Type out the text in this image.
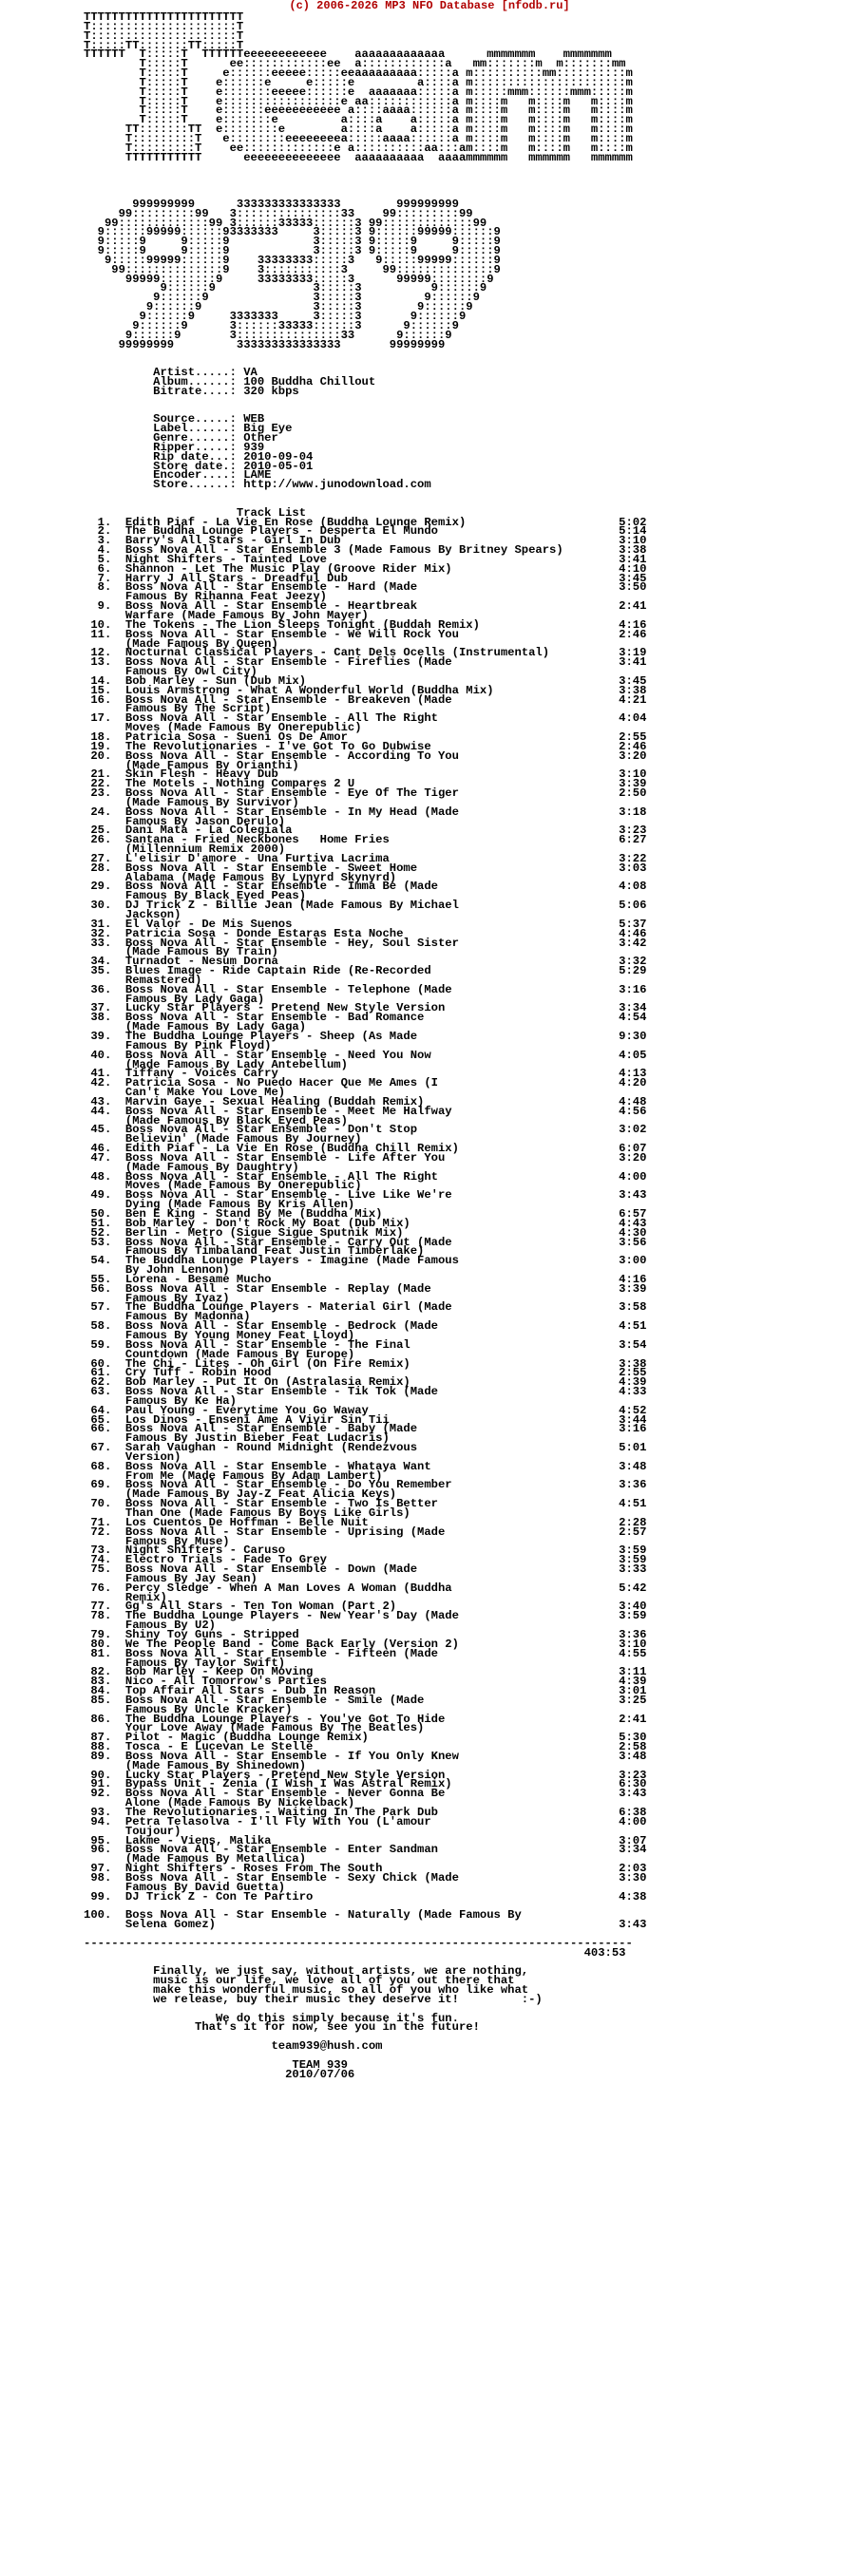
(c) 2006-2026 MP3 NFO Database [nfodb.ru]
TTTTTTTTTTTTTTTTTTTTTTT
T:::::::::::::::::::::T
T:::::::::::::::::::::T
T:::::TT:::::::TT:::::T
TTTTTT  T:::::T  TTTTTTeeeeeeeeeeee    aaaaaaaaaaaaa      mmmmmmm    mmmmmmm
T:::::T      ee::::::::::::ee  a::::::::::::a   mm:::::::m  m:::::::mm
T:::::T     e::::::eeeee:::::eeaaaaaaaaa:::::a m::::::::::mm::::::::::m
T:::::T    e::::::e     e:::::e         a::::a m::::::::::::::::::::::m
T:::::T    e:::::::eeeee::::::e  aaaaaaa:::::a m:::::mmm::::::mmm:::::m
T:::::T    e:::::::::::::::::e aa::::::::::::a m::::m   m::::m   m::::m
T:::::T    e::::::eeeeeeeeeee a::::aaaa::::::a m::::m   m::::m   m::::m
T:::::T    e:::::::e         a::::a    a:::::a m::::m   m::::m   m::::m
TT:::::::TT  e::::::::e        a::::a    a:::::a m::::m   m::::m   m::::m
T:::::::::T   e::::::::eeeeeeeea:::::aaaa::::::a m::::m   m::::m   m::::m
T:::::::::T    ee:::::::::::::e a::::::::::aa:::am::::m   m::::m   m::::m
TTTTTTTTTTT      eeeeeeeeeeeeee  aaaaaaaaaa  aaaammmmmm   mmmmmm   mmmmmm

999999999      333333333333333        999999999
99:::::::::99   3:::::::::::::::33    99:::::::::99
99:::::::::::::99 3::::::33333::::::3 99:::::::::::::99
9::::::99999::::::93333333     3:::::3 9::::::99999::::::9
9:::::9     9:::::9            3:::::3 9:::::9     9:::::9
9:::::9     9:::::9            3:::::3 9:::::9     9:::::9
9:::::99999::::::9    33333333:::::3   9:::::99999::::::9
99::::::::::::::9    3:::::::::::3     99::::::::::::::9
99999::::::::9     33333333:::::3      99999::::::::9
9::::::9              3:::::3          9::::::9
9::::::9               3:::::3         9::::::9
9::::::9                3:::::3        9::::::9
9::::::9     3333333     3:::::3       9::::::9
9::::::9      3::::::33333::::::3      9::::::9
9::::::9       3:::::::::::::::33      9::::::9
99999999         333333333333333       99999999

Artist.....: VA
Album......: 100 Buddha Chillout
Bitrate....: 320 kbps

Source.....: WEB
Label......: Big Eye
Genre......: Other
Ripper.....: 939
Rip date...: 2010-09-04
Store date.: 2010-05-01
Encoder....: LAME
Store......: http://www.junodownload.com

Track List
1.  Edith Piaf - La Vie En Rose (Buddha Lounge Remix)                      5:02
2.  The Buddha Lounge Players - Desperta El Mundo                          5:14
3.  Barry's All Stars - Girl In Dub                                        3:10
4.  Boss Nova All - Star Ensemble 3 (Made Famous By Britney Spears)        3:38
5.  Night Shifters - Tainted Love                                          3:41
6.  Shannon - Let The Music Play (Groove Rider Mix)                        4:10
7.  Harry J All Stars - Dreadful Dub                                       3:45
8.  Boss Nova All - Star Ensemble - Hard (Made                             3:50
Famous By Rihanna Feat Jeezy)
9.  Boss Nova All - Star Ensemble - Heartbreak                             2:41
Warfare (Made Famous By John Mayer)
10.  The Tokens - The Lion Sleeps Tonight (Buddah Remix)                    4:16
11.  Boss Nova All - Star Ensemble - We Will Rock You                       2:46
(Made Famous By Queen)
12.  Nocturnal Classical Players - Cant Dels Ocells (Instrumental)          3:19
13.  Boss Nova All - Star Ensemble - Fireflies (Made                        3:41
Famous By Owl City)
14.  Bob Marley - Sun (Dub Mix)                                             3:45
15.  Louis Armstrong - What A Wonderful World (Buddha Mix)                  3:38
16.  Boss Nova All - Star Ensemble - Breakeven (Made                        4:21
Famous By The Script)
17.  Boss Nova All - Star Ensemble - All The Right                          4:04
Moves (Made Famous By Onerepublic)
18.  Patricia Sosa - Sueni Os De Amor                                       2:55
19.  The Revolutionaries - I've Got To Go Dubwise                           2:46
20.  Boss Nova All - Star Ensemble - According To You                       3:20
(Made Famous By Orianthi)
21.  Skin Flesh - Heavy Dub                                                 3:10
22.  The Motels - Nothing Compares 2 U                                      3:39
23.  Boss Nova All - Star Ensemble - Eye Of The Tiger                       2:50
(Made Famous By Survivor)
24.  Boss Nova All - Star Ensemble - In My Head (Made                       3:18
Famous By Jason Derulo)
25.  Dani Mata - La Colegiala                                               3:23
26.  Santana - Fried Neckbones   Home Fries                                 6:27
(Millennium Remix 2000)
27.  L'elisir D'amore - Una Furtiva Lacrima                                 3:22
28.  Boss Nova All - Star Ensemble - Sweet Home                             3:03
Alabama (Made Famous By Lynyrd Skynyrd)
29.  Boss Nova All - Star Ensemble - Imma Be (Made                          4:08
Famous By Black Eyed Peas)
30.  DJ Trick Z - Billie Jean (Made Famous By Michael                       5:06
Jackson)
31.  El Valor - De Mis Suenos                                               5:37
32.  Patricia Sosa - Donde Estaras Esta Noche                               4:46
33.  Boss Nova All - Star Ensemble - Hey, Soul Sister                       3:42
(Made Famous By Train)
34.  Turnadot - Nesum Dorna                                                 3:32
35.  Blues Image - Ride Captain Ride (Re-Recorded                           5:29
Remastered)
36.  Boss Nova All - Star Ensemble - Telephone (Made                        3:16
Famous By Lady Gaga)
37.  Lucky Star Players - Pretend New Style Version                         3:34
38.  Boss Nova All - Star Ensemble - Bad Romance                            4:54
(Made Famous By Lady Gaga)
39.  The Buddha Lounge Players - Sheep (As Made                             9:30
Famous By Pink Floyd)
40.  Boss Nova All - Star Ensemble - Need You Now                           4:05
(Made Famous By Lady Antebellum)
41.  Tiffany - Voices Carry                                                 4:13
42.  Patricia Sosa - No Puedo Hacer Que Me Ames (I                          4:20
Can't Make You Love Me)
43.  Marvin Gaye - Sexual Healing (Buddah Remix)                            4:48
44.  Boss Nova All - Star Ensemble - Meet Me Halfway                        4:56
(Made Famous By Black Eyed Peas)
45.  Boss Nova All - Star Ensemble - Don't Stop                             3:02
Believin' (Made Famous By Journey)
46.  Edith Piaf - La Vie En Rose (Buddha Chill Remix)                       6:07
47.  Boss Nova All - Star Ensemble - Life After You                         3:20
(Made Famous By Daughtry)
48.  Boss Nova All - Star Ensemble - All The Right                          4:00
Moves (Made Famous By Onerepublic)
49.  Boss Nova All - Star Ensemble - Live Like We're                        3:43
Dying (Made Famous By Kris Allen)
50.  Ben E King - Stand By Me (Buddha Mix)                                  6:57
51.  Bob Marley - Don't Rock My Boat (Dub Mix)                              4:43
52.  Berlin - Metro (Sigue Sigue Sputnik Mix)                               4:30
53.  Boss Nova All - Star Ensemble - Carry Out (Made                        3:56
Famous By Timbaland Feat Justin Timberlake)
54.  The Buddha Lounge Players - Imagine (Made Famous                       3:00
By John Lennon)
55.  Lorena - Besame Mucho                                                  4:16
56.  Boss Nova All - Star Ensemble - Replay (Made                           3:39
Famous By Iyaz)
57.  The Buddha Lounge Players - Material Girl (Made                        3:58
Famous By Madonna)
58.  Boss Nova All - Star Ensemble - Bedrock (Made                          4:51
Famous By Young Money Feat Lloyd)
59.  Boss Nova All - Star Ensemble - The Final                              3:54
Countdown (Made Famous By Europe)
60.  The Chi - Lites - Oh Girl (On Fire Remix)                              3:38
61.  Cry Tuff - Robin Hood                                                  2:55
62.  Bob Marley - Put It On (Astralasia Remix)                              4:39
63.  Boss Nova All - Star Ensemble - Tik Tok (Made                          4:33
Famous By Ke Ha)
64.  Paul Young - Everytime You Go Waway                                    4:52
65.  Los Dinos - Ensení Ame A Vivir Sin Tii                                 3:44
66.  Boss Nova All - Star Ensemble - Baby (Made                             3:16
Famous By Justin Bieber Feat Ludacris)
67.  Sarah Vaughan - Round Midnight (Rendezvous                             5:01
Version)
68.  Boss Nova All - Star Ensemble - Whataya Want                           3:48
From Me (Made Famous By Adam Lambert)
69.  Boss Nova All - Star Ensemble - Do You Remember                        3:36
(Made Famous By Jay-Z Feat Alicia Keys)
70.  Boss Nova All - Star Ensemble - Two Is Better                          4:51
Than One (Made Famous By Boys Like Girls)
71.  Los Cuentos De Hoffman - Belle Nuit                                    2:28
72.  Boss Nova All - Star Ensemble - Uprising (Made                         2:57
Famous By Muse)
73.  Night Shifters - Caruso                                                3:59
74.  Electro Trials - Fade To Grey                                          3:59
75.  Boss Nova All - Star Ensemble - Down (Made                             3:33
Famous By Jay Sean)
76.  Percy Sledge - When A Man Loves A Woman (Buddha                        5:42
Remix)
77.  Gg's All Stars - Ten Ton Woman (Part 2)                                3:40
78.  The Buddha Lounge Players - New Year's Day (Made                       3:59
Famous By U2)
79.  Shiny Toy Guns - Stripped                                              3:36
80.  We The People Band - Come Back Early (Version 2)                       3:10
81.  Boss Nova All - Star Ensemble - Fifteen (Made                          4:55
Famous By Taylor Swift)
82.  Bob Marley - Keep On Moving                                            3:11
83.  Nico - All Tomorrow's Parties                                          4:39
84.  Top Affair All Stars - Dub In Reason                                   3:01
85.  Boss Nova All - Star Ensemble - Smile (Made                            3:25
Famous By Uncle Kracker)
86.  The Buddha Lounge Players - You've Got To Hide                         2:41
Your Love Away (Made Famous By The Beatles)
87.  Pilot - Magic (Buddha Lounge Remix)                                    5:30
88.  Tosca - E Lucevan Le Stelle                                            2:58
89.  Boss Nova All - Star Ensemble - If You Only Knew                       3:48
(Made Famous By Shinedown)
90.  Lucky Star Players - Pretend New Style Version                         3:23
91.  Bypass Unit - Zenia (I Wish I Was Astral Remix)                        6:30
92.  Boss Nova All - Star Ensemble - Never Gonna Be                         3:43
Alone (Made Famous By Nickelback)
93.  The Revolutionaries - Waiting In The Park Dub                          6:38
94.  Petra Telasolva - I'll Fly With You (L'amour                           4:00
Toujour)
95.  Lakme - Viens, Malika                                                  3:07
96.  Boss Nova All - Star Ensemble - Enter Sandman                          3:34
(Made Famous By Metallica)
97.  Night Shifters - Roses From The South                                  2:03
98.  Boss Nova All - Star Ensemble - Sexy Chick (Made                       3:30
Famous By David Guetta)
99.  DJ Trick Z - Con Te Partiro                                            4:38

100.  Boss Nova All - Star Ensemble - Naturally (Made Famous By
Selena Gomez)                                                          3:43

-------------------------------------------------------------------------------
403:53

Finally, we just say, without artists, we are nothing,
music is our life, we love all of you out there that
make this wonderful music, so all of you who like what
we release, buy their music they deserve it!         :-)

We do this simply because it's fun.
That's it for now, see you in the future!

team939@hush.com

TEAM 939
2010/07/06
